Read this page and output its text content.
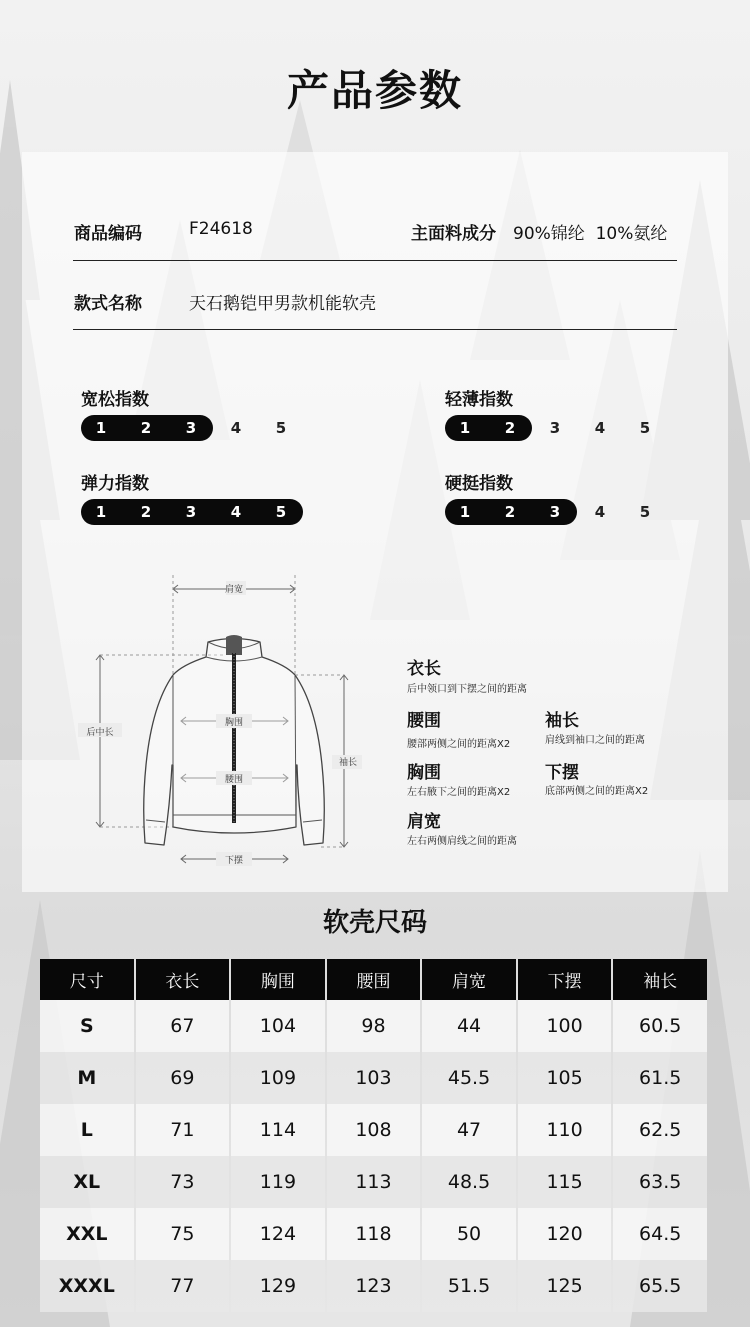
产品参数
商品编码	F24618	主面料成分 90%锦纶  10%氨纶
款式名称	天石鹅铠甲男款机能软壳
宽松指数
1	2	3	4	5
轻薄指数
1	2	3	4	5
弹力指数
1	2	3	4	5
硬挺指数
1	2	3	4	5
肩宽
后中长
袖长
胸围
腰围
下摆
衣长
后中领口到下摆之间的距离
腰围
腰部两侧之间的距离X2
袖长
肩线到袖口之间的距离
胸围
左右腋下之间的距离X2
下摆
底部两侧之间的距离X2
肩宽
左右两侧肩线之间的距离
软壳尺码
尺寸	衣长	胸围	腰围	肩宽	下摆	袖长
S	67	104	98	44	100	60.5
M	69	109	103	45.5	105	61.5
L	71	114	108	47	110	62.5
XL	73	119	113	48.5	115	63.5
XXL	75	124	118	50	120	64.5
XXXL	77	129	123	51.5	125	65.5
